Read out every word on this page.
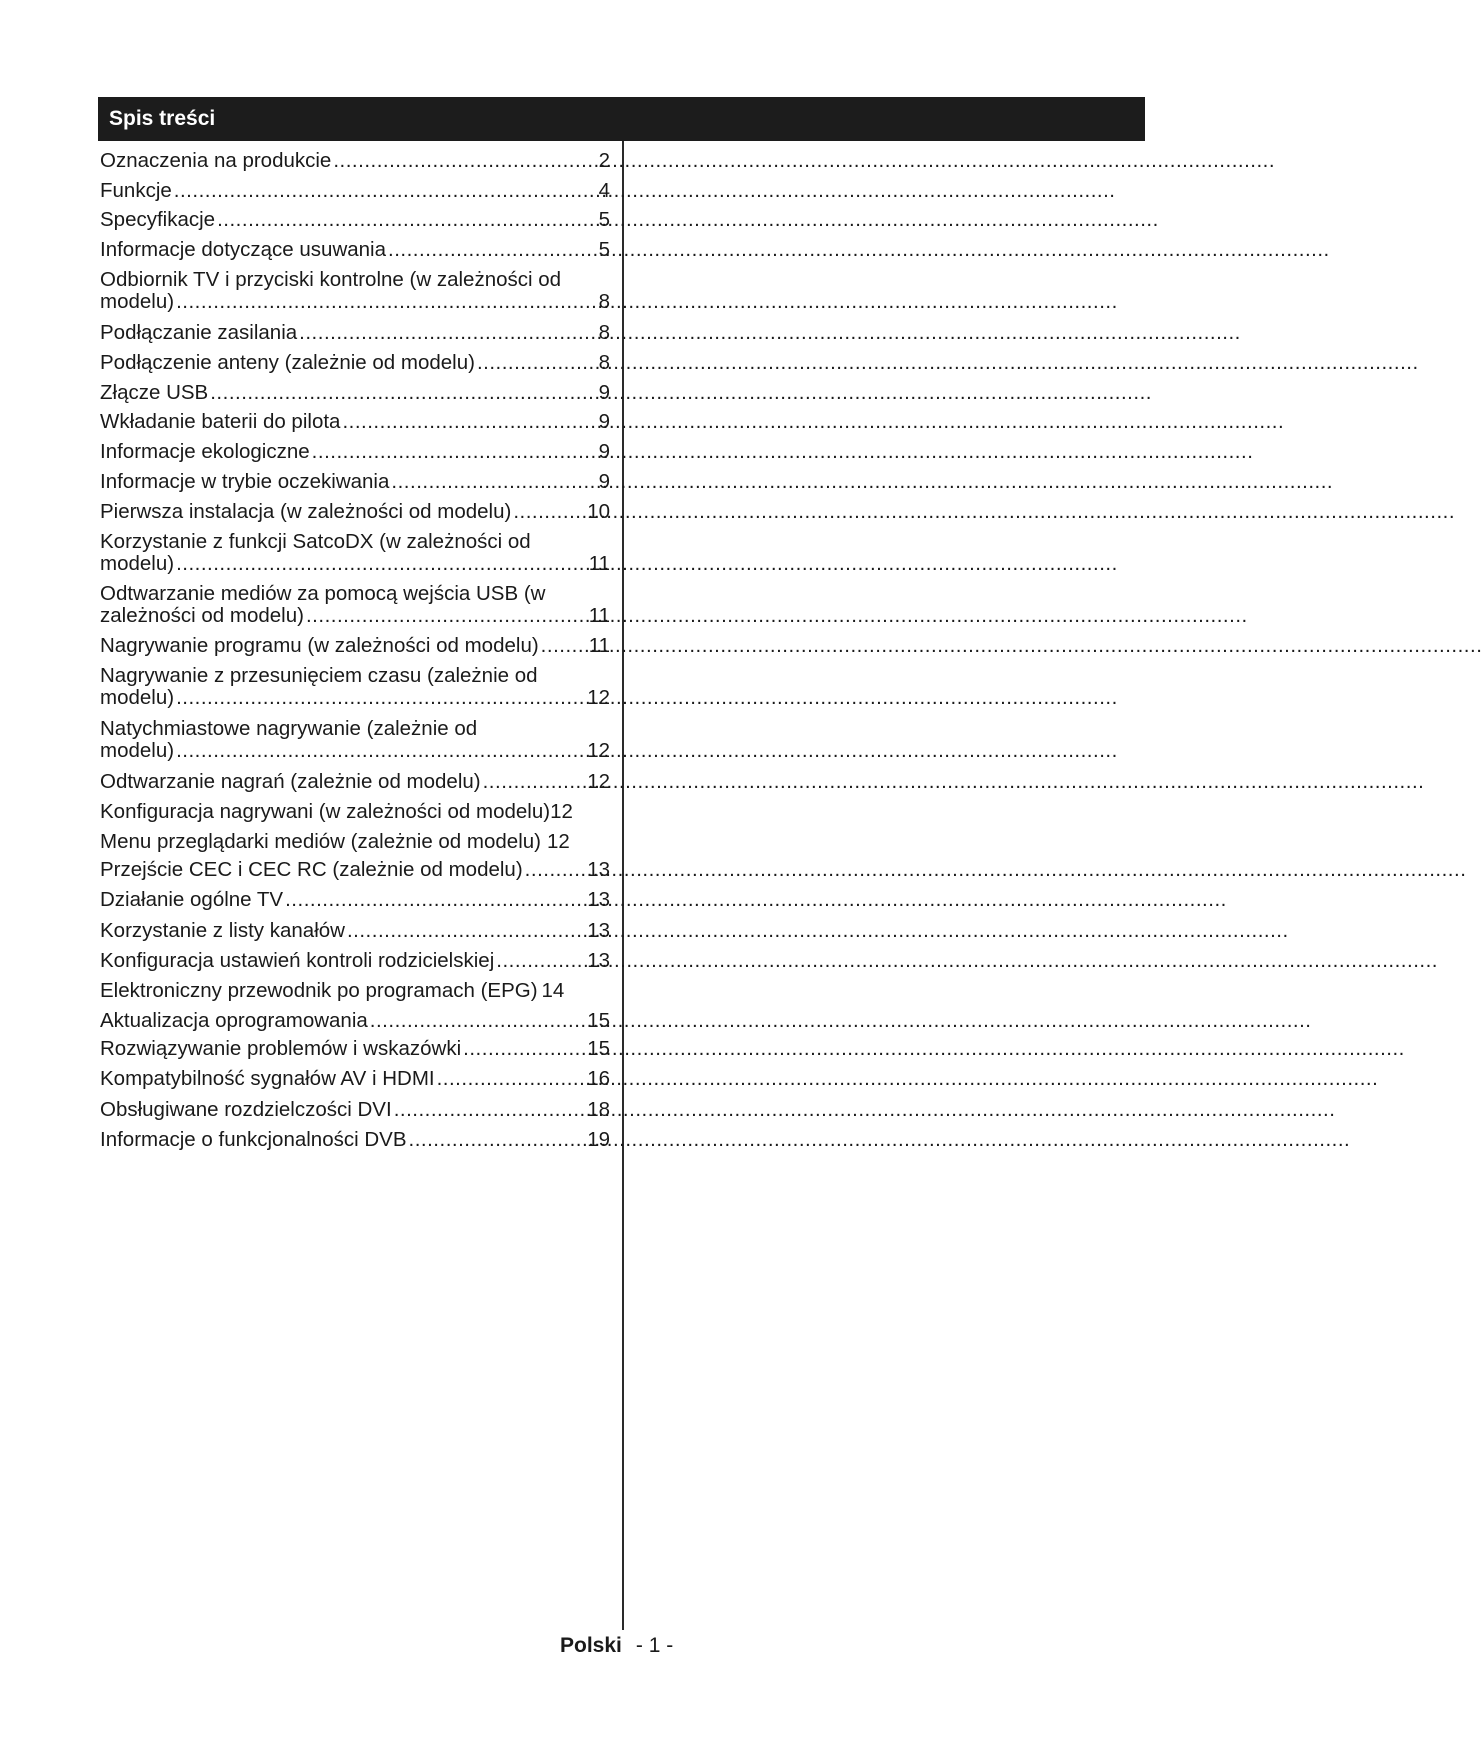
Spis treści
Oznaczenia na produkcie .....	2
Funkcje .....	4
Specyfikacje .....	5
Informacje dotyczące usuwania .....	5
Odbiornik TV i przyciski kontrolne (w zależności od
modelu) .....	8
Podłączanie zasilania .....	8
Podłączenie anteny (zależnie od modelu) .....	8
Złącze USB .....	9
Wkładanie baterii do pilota .....	9
Informacje ekologiczne .....	9
Informacje w trybie oczekiwania .....	9
Pierwsza instalacja (w zależności od modelu) .....	10
Korzystanie z funkcji SatcoDX (w zależności od
modelu) .....	11
Odtwarzanie mediów za pomocą wejścia USB (w
zależności od modelu) .....	11
Nagrywanie programu (w zależności od modelu) ..... 11
Nagrywanie z przesunięciem czasu (zależnie od
modelu) .....	12
Natychmiastowe nagrywanie (zależnie od
modelu) .....	12
Odtwarzanie nagrań (zależnie od modelu) .....	12
Konfiguracja nagrywani (w zależności od modelu) 12
Menu przeglądarki mediów (zależnie od modelu) 12
Przejście CEC i CEC RC (zależnie od modelu) .....	13
Działanie ogólne TV .....	13
Korzystanie z listy kanałów .....	13
Konfiguracja ustawień kontroli rodzicielskiej .....	13
Elektroniczny przewodnik po programach (EPG) 14
Aktualizacja oprogramowania .....	15
Rozwiązywanie problemów i wskazówki .....	15
Kompatybilność sygnałów AV i HDMI .....	16
Obsługiwane rozdzielczości DVI .....	18
Informacje o funkcjonalności DVB .....	19
Polski - 1 -
